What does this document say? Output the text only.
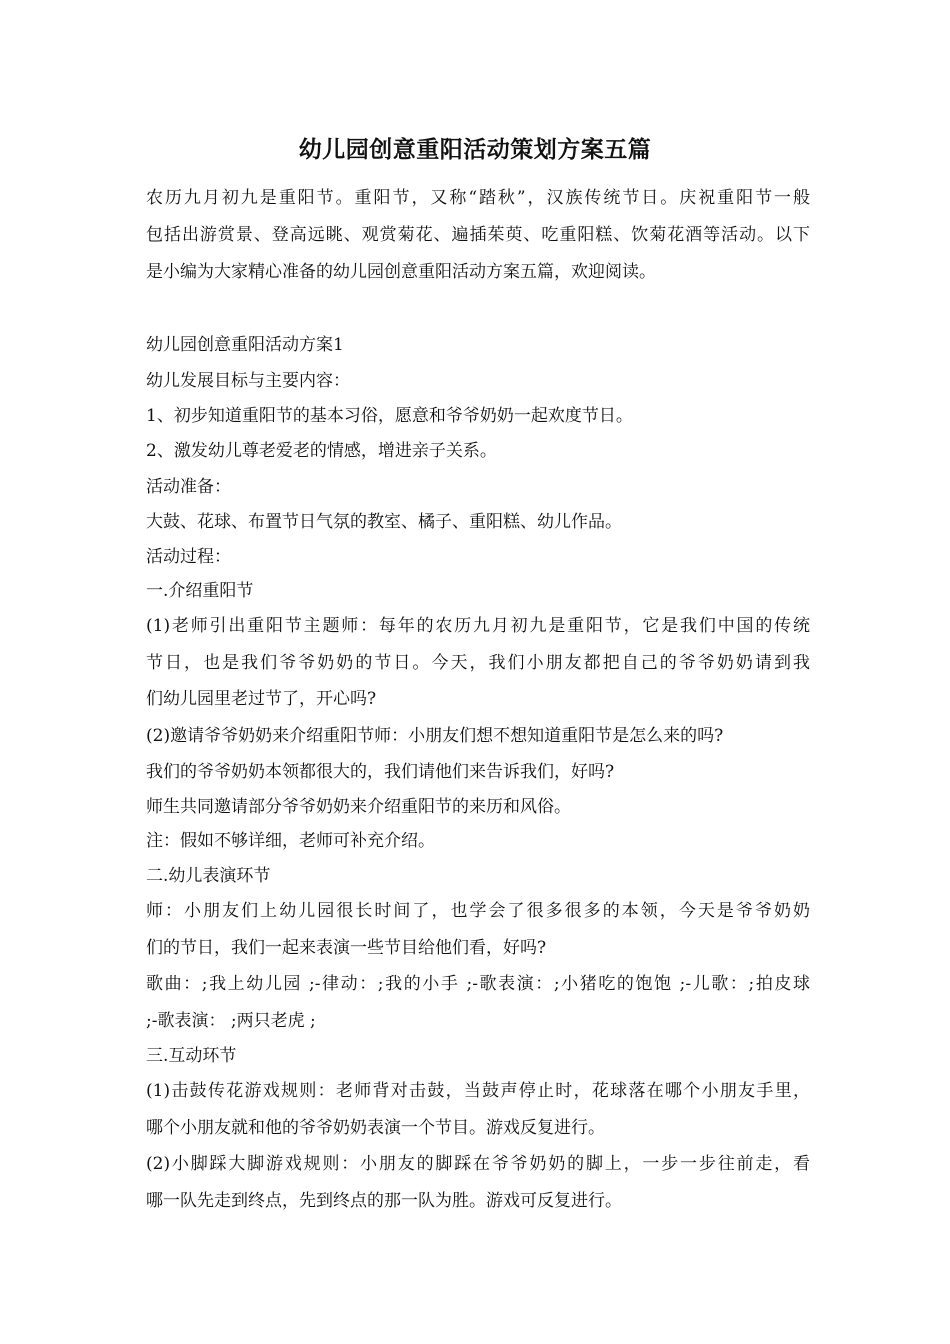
幼儿园创意重阳活动策划方案五篇
农历九月初九是重阳节。重阳节，又称“踏秋”，汉族传统节日。庆祝重阳节一般
包括出游赏景、登高远眺、观赏菊花、遍插茱萸、吃重阳糕、饮菊花酒等活动。以下
是小编为大家精心准备的幼儿园创意重阳活动方案五篇，欢迎阅读。
幼儿园创意重阳活动方案1
幼儿发展目标与主要内容：
1、初步知道重阳节的基本习俗，愿意和爷爷奶奶一起欢度节日。
2、激发幼儿尊老爱老的情感，增进亲子关系。
活动准备：
大鼓、花球、布置节日气氛的教室、橘子、重阳糕、幼儿作品。
活动过程：
一.介绍重阳节
(1)老师引出重阳节主题师：每年的农历九月初九是重阳节，它是我们中国的传统
节日，也是我们爷爷奶奶的节日。今天，我们小朋友都把自己的爷爷奶奶请到我
们幼儿园里老过节了，开心吗?
(2)邀请爷爷奶奶来介绍重阳节师：小朋友们想不想知道重阳节是怎么来的吗?
我们的爷爷奶奶本领都很大的，我们请他们来告诉我们，好吗?
师生共同邀请部分爷爷奶奶来介绍重阳节的来历和风俗。
注：假如不够详细，老师可补充介绍。
二.幼儿表演环节
师：小朋友们上幼儿园很长时间了，也学会了很多很多的本领，今天是爷爷奶奶
们的节日，我们一起来表演一些节目给他们看，好吗?
歌曲：;我上幼儿园 ;-律动：;我的小手 ;-歌表演：;小猪吃的饱饱 ;-儿歌：;拍皮球
;-歌表演： ;两只老虎 ;
三.互动环节
(1)击鼓传花游戏规则：老师背对击鼓，当鼓声停止时，花球落在哪个小朋友手里，
哪个小朋友就和他的爷爷奶奶表演一个节目。游戏反复进行。
(2)小脚踩大脚游戏规则：小朋友的脚踩在爷爷奶奶的脚上，一步一步往前走，看
哪一队先走到终点，先到终点的那一队为胜。游戏可反复进行。
